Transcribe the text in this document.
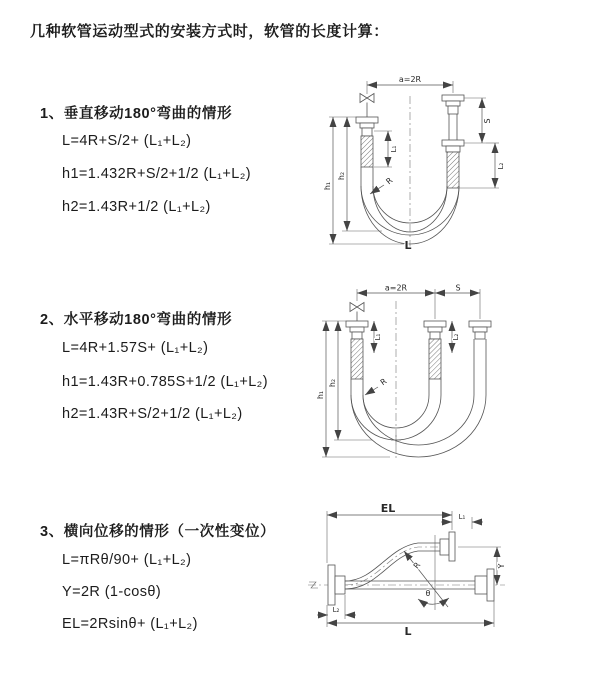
几种软管运动型式的安装方式时，软管的长度计算：
1、垂直移动180°弯曲的情形
L=4R+S/2+ (L₁+L₂)
h1=1.432R+S/2+1/2 (L₁+L₂)
h2=1.43R+1/2 (L₁+L₂)
2、水平移动180°弯曲的情形
L=4R+1.57S+ (L₁+L₂)
h1=1.43R+0.785S+1/2 (L₁+L₂)
h2=1.43R+S/2+1/2 (L₁+L₂)
3、横向位移的情形（一次性变位）
L=πRθ/90+ (L₁+L₂)
Y=2R (1-cosθ)
EL=2Rsinθ+ (L₁+L₂)
a=2R
h₁
h₂
L₁
S
L₂
R
L
a=2R	S
h₁
h₂
L₁	L₂
R
EL
L₁
Y
R
θ
L₂
L
